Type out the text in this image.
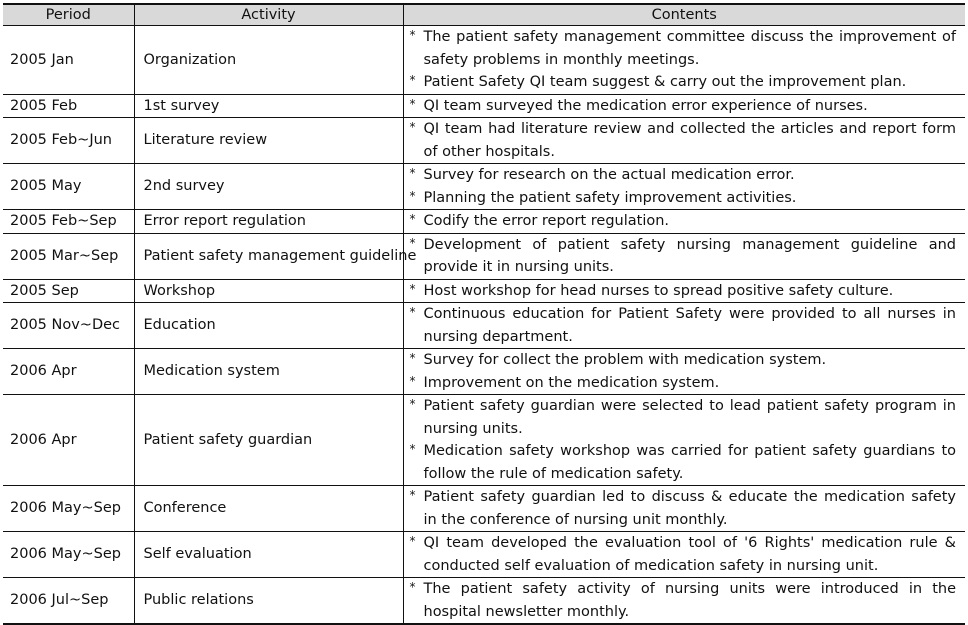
Period	Activity	Contents
2005 Jan	Organization	* The patient safety management committee discuss the improvement of safety problems in monthly meetings.
* Patient Safety QI team suggest & carry out the improvement plan.

2005 Feb	1st survey	* QI team surveyed the medication error experience of nurses.

2005 Feb~Jun	Literature review	* QI team had literature review and collected the articles and report form of other hospitals.

2005 May	2nd survey	* Survey for research on the actual medication error.
* Planning the patient safety improvement activities.

2005 Feb~Sep	Error report regulation	* Codify the error report regulation.

2005 Mar~Sep	Patient safety management guideline	* Development of patient safety nursing management guideline and provide it in nursing units.

2005 Sep	Workshop	* Host workshop for head nurses to spread positive safety culture.

2005 Nov~Dec	Education	* Continuous education for Patient Safety were provided to all nurses in nursing department.

2006 Apr	Medication system	* Survey for collect the problem with medication system.
* Improvement on the medication system.

2006 Apr	Patient safety guardian	* Patient safety guardian were selected to lead patient safety program in nursing units.
* Medication safety workshop was carried for patient safety guardians to follow the rule of medication safety.

2006 May~Sep	Conference	* Patient safety guardian led to discuss & educate the medication safety in the conference of nursing unit monthly.

2006 May~Sep	Self evaluation	* QI team developed the evaluation tool of '6 Rights' medication rule & conducted self evaluation of medication safety in nursing unit.

2006 Jul~Sep	Public relations	* The patient safety activity of nursing units were introduced in the hospital newsletter monthly.
